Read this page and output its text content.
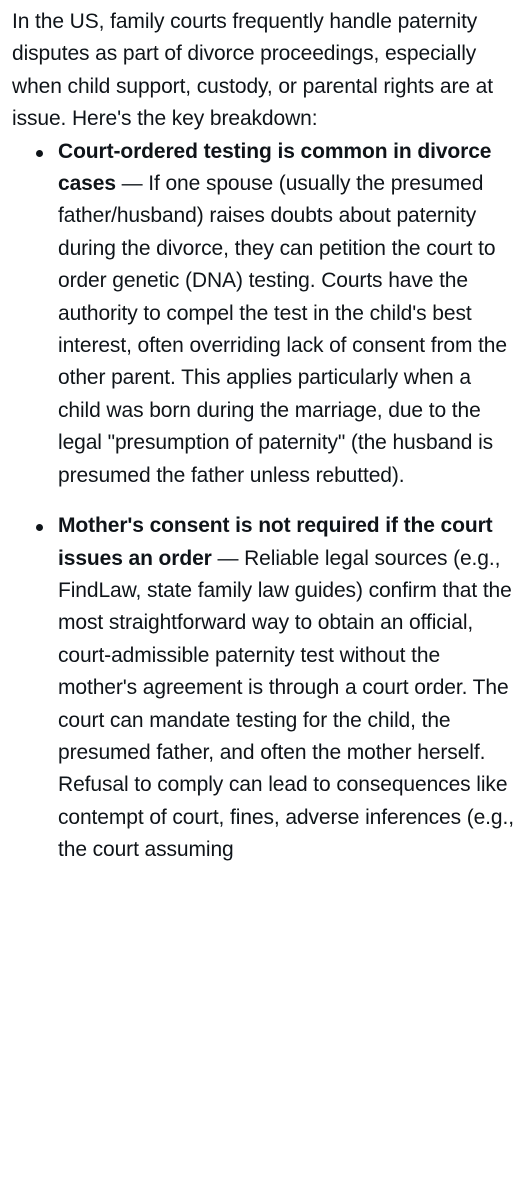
In the US, family courts frequently handle paternity disputes as part of divorce proceedings, especially when child support, custody, or parental rights are at issue. Here's the key breakdown:

Court-ordered testing is common in divorce cases — If one spouse (usually the presumed father/husband) raises doubts about paternity during the divorce, they can petition the court to order genetic (DNA) testing. Courts have the authority to compel the test in the child's best interest, often overriding lack of consent from the other parent. This applies particularly when a child was born during the marriage, due to the legal "presumption of paternity" (the husband is presumed the father unless rebutted).
Mother's consent is not required if the court issues an order — Reliable legal sources (e.g., FindLaw, state family law guides) confirm that the most straightforward way to obtain an official, court-admissible paternity test without the mother's agreement is through a court order. The court can mandate testing for the child, the presumed father, and often the mother herself. Refusal to comply can lead to consequences like contempt of court, fines, adverse inferences (e.g., the court assuming
